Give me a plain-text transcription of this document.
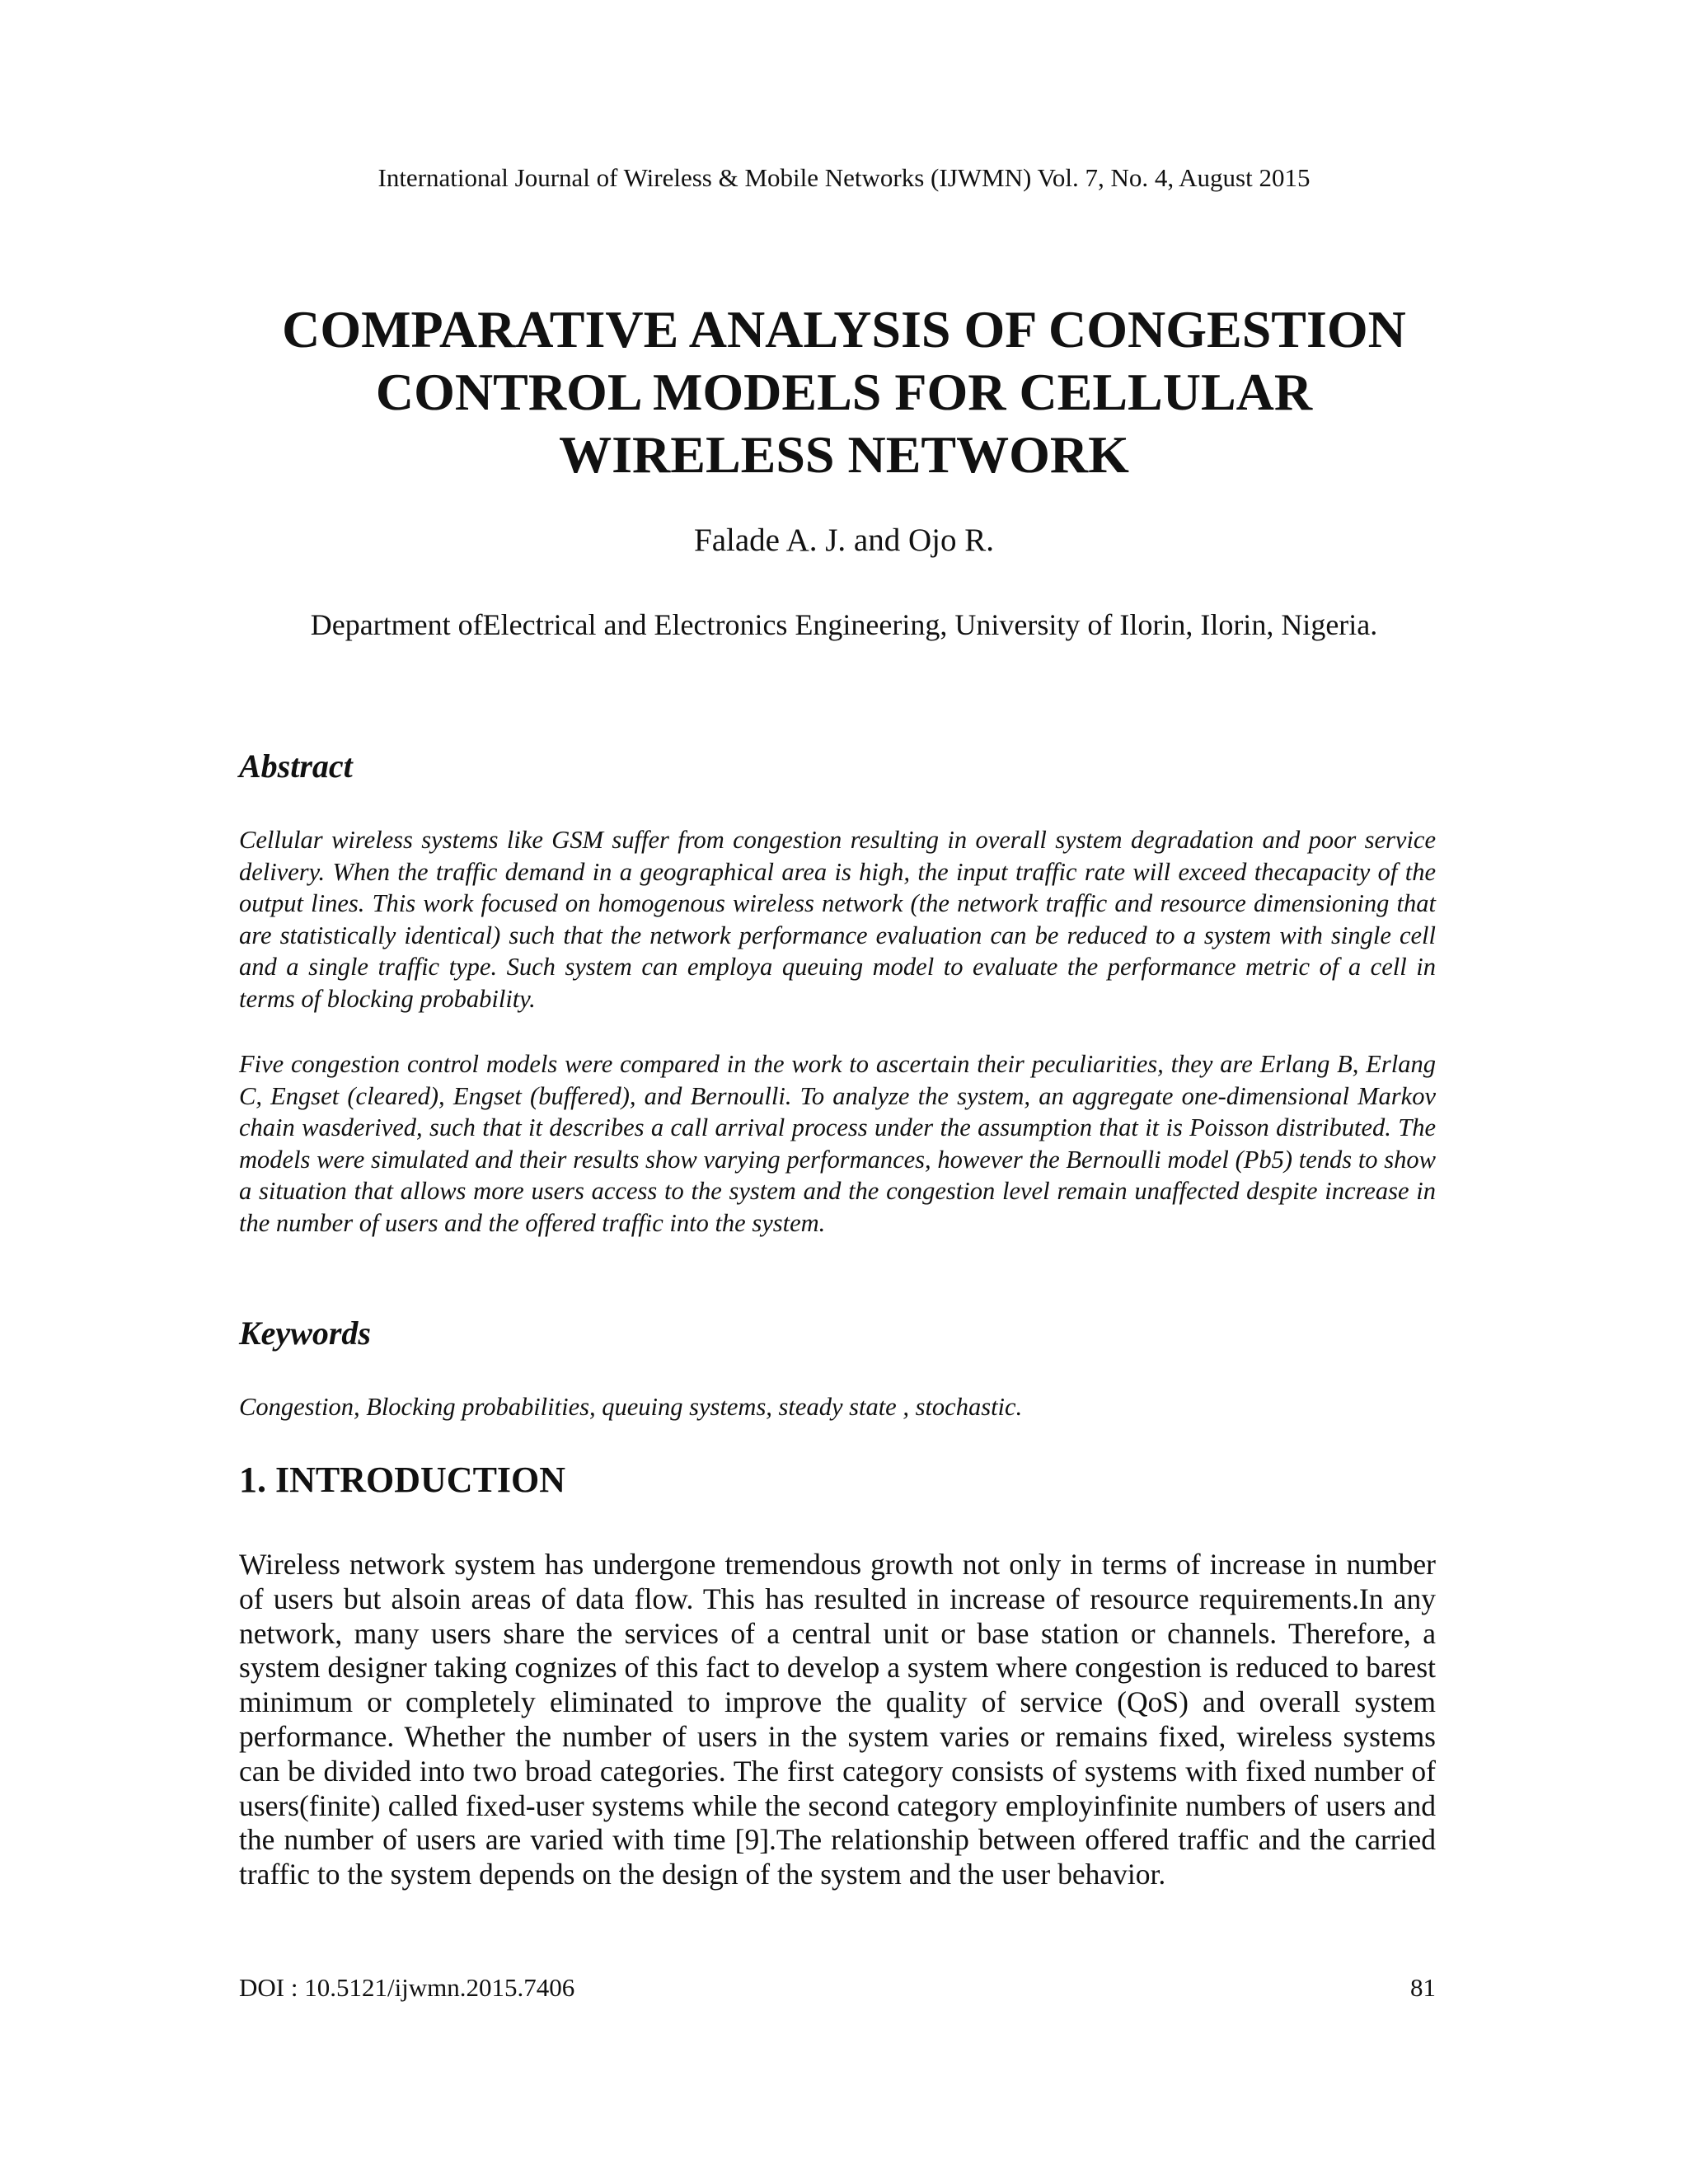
International Journal of Wireless & Mobile Networks (IJWMN) Vol. 7, No. 4, August 2015
COMPARATIVE ANALYSIS OF CONGESTION
CONTROL MODELS FOR CELLULAR
WIRELESS NETWORK
Falade A. J. and Ojo R.
Department ofElectrical and Electronics Engineering, University of Ilorin, Ilorin, Nigeria.
Abstract

Cellular wireless systems like GSM suffer from congestion resulting in overall system degradation and poor service delivery. When the traffic demand in a geographical area is high, the input traffic rate will exceed thecapacity of the output lines. This work focused on homogenous wireless network (the network traffic and resource dimensioning that are statistically identical) such that the network performance evaluation can be reduced to a system with single cell and a single traffic type. Such system can employa queuing model to evaluate the performance metric of a cell in terms of blocking probability.

Five congestion control models were compared in the work to ascertain their peculiarities, they are Erlang B, Erlang C, Engset (cleared), Engset (buffered), and Bernoulli. To analyze the system, an aggregate one-dimensional Markov chain wasderived, such that it describes a call arrival process under the assumption that it is Poisson distributed. The models were simulated and their results show varying performances, however the Bernoulli model (Pb5) tends to show a situation that allows more users access to the system and the congestion level remain unaffected despite increase in the number of users and the offered traffic into the system.

Keywords

Congestion, Blocking probabilities, queuing systems, steady state , stochastic.

1. INTRODUCTION

Wireless network system has undergone tremendous growth not only in terms of increase in number of users but alsoin areas of data flow. This has resulted in increase of resource requirements.In any network, many users share the services of a central unit or base station or channels. Therefore, a system designer taking cognizes of this fact to develop a system where congestion is reduced to barest minimum or completely eliminated to improve the quality of service (QoS) and overall system performance. Whether the number of users in the system varies or remains fixed, wireless systems can be divided into two broad categories. The first category consists of systems with fixed number of users(finite) called fixed-user systems while the second category employinfinite numbers of users and the number of users are varied with time [9].The relationship between offered traffic and the carried traffic to the system depends on the design of the system and the user behavior.

DOI : 10.5121/ijwmn.2015.7406	81
